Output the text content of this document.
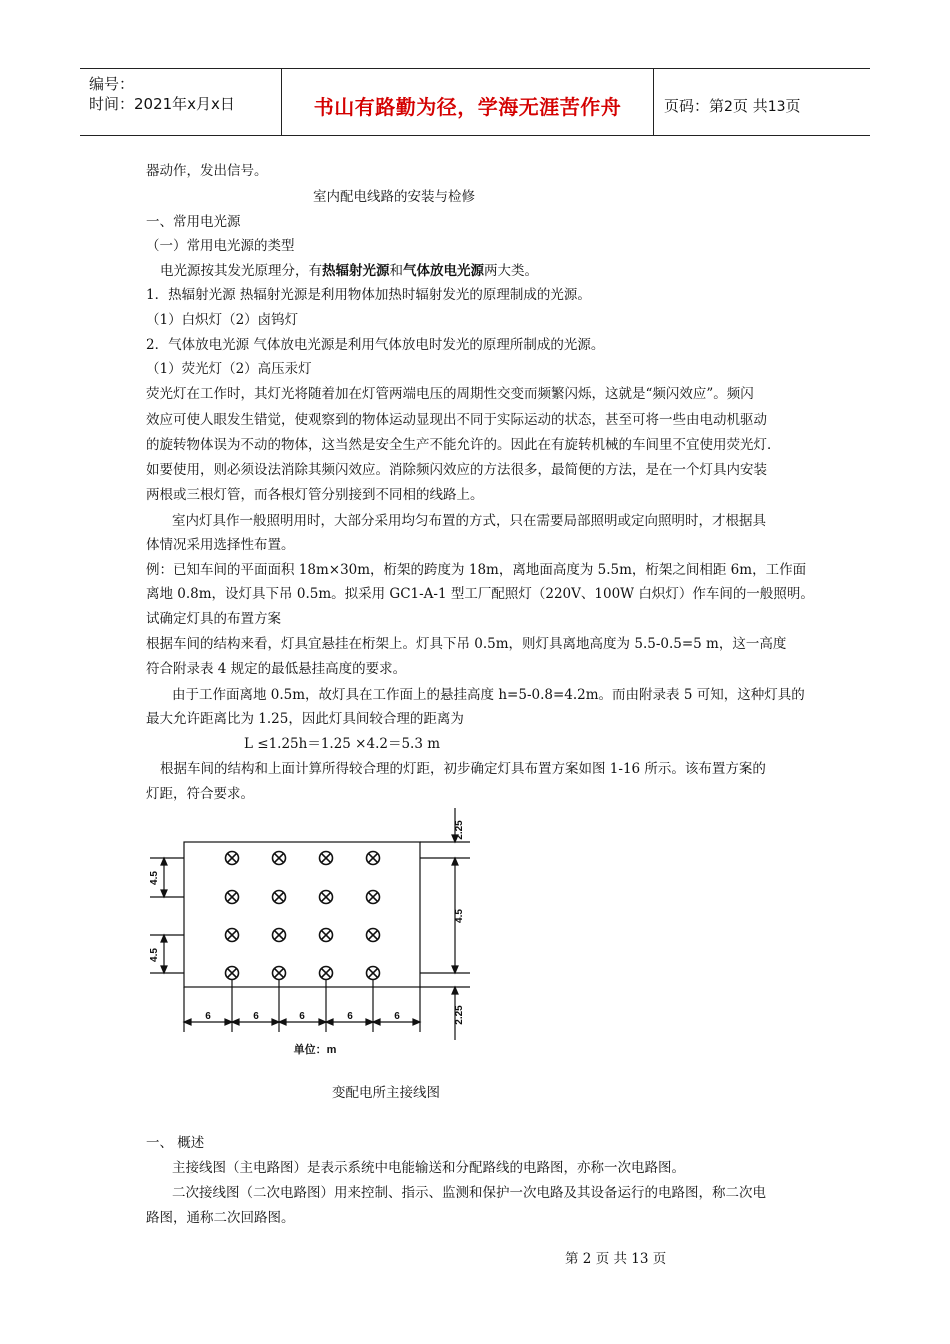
编号：
时间：2021年x月x日	书山有路勤为径，学海无涯苦作舟	页码：第2页 共13页
器动作，发出信号。
室内配电线路的安装与检修
一、常用电光源
（一）常用电光源的类型
电光源按其发光原理分，有热辐射光源和气体放电光源两大类。
1．热辐射光源 热辐射光源是利用物体加热时辐射发光的原理制成的光源。
（1）白炽灯（2）卤钨灯
2．气体放电光源 气体放电光源是利用气体放电时发光的原理所制成的光源。
（1）荧光灯（2）高压汞灯
荧光灯在工作时，其灯光将随着加在灯管两端电压的周期性交变而频繁闪烁，这就是“频闪效应”。频闪
效应可使人眼发生错觉，使观察到的物体运动显现出不同于实际运动的状态，甚至可将一些由电动机驱动
的旋转物体误为不动的物体，这当然是安全生产不能允许的。因此在有旋转机械的车间里不宜使用荧光灯．
如要使用，则必须设法消除其频闪效应。消除频闪效应的方法很多，最简便的方法，是在一个灯具内安装
两根或三根灯管，而各根灯管分别接到不同相的线路上。
室内灯具作一般照明用时，大部分采用均匀布置的方式，只在需要局部照明或定向照明时，才根据具
体情况采用选择性布置。
例：已知车间的平面面积 18m×30m，桁架的跨度为 18m，离地面高度为 5.5m，桁架之间相距 6m，工作面
离地 0.8m，设灯具下吊 0.5m。拟采用 GC1-A-1 型工厂配照灯（220V、100W 白炽灯）作车间的一般照明。
试确定灯具的布置方案
根据车间的结构来看，灯具宜悬挂在桁架上。灯具下吊 0.5m，则灯具离地高度为 5.5-0.5=5 m，这一高度
符合附录表 4 规定的最低悬挂高度的要求。
由于工作面离地 0.5m，故灯具在工作面上的悬挂高度 h=5-0.8=4.2m。而由附录表 5 可知，这种灯具的
最大允许距离比为 1.25，因此灯具间较合理的距离为
L ≤1.25h＝1.25 ×4.2＝5.3 m
根据车间的结构和上面计算所得较合理的灯距，初步确定灯具布置方案如图 1-16 所示。该布置方案的
灯距，符合要求。
2.25
2.25
4.5
4.5
4.5
6	6	6	6	6
单位：m
变配电所主接线图
一、 概述
主接线图（主电路图）是表示系统中电能输送和分配路线的电路图，亦称一次电路图。
二次接线图（二次电路图）用来控制、指示、监测和保护一次电路及其设备运行的电路图，称二次电
路图，通称二次回路图。
第 2 页 共 13 页
